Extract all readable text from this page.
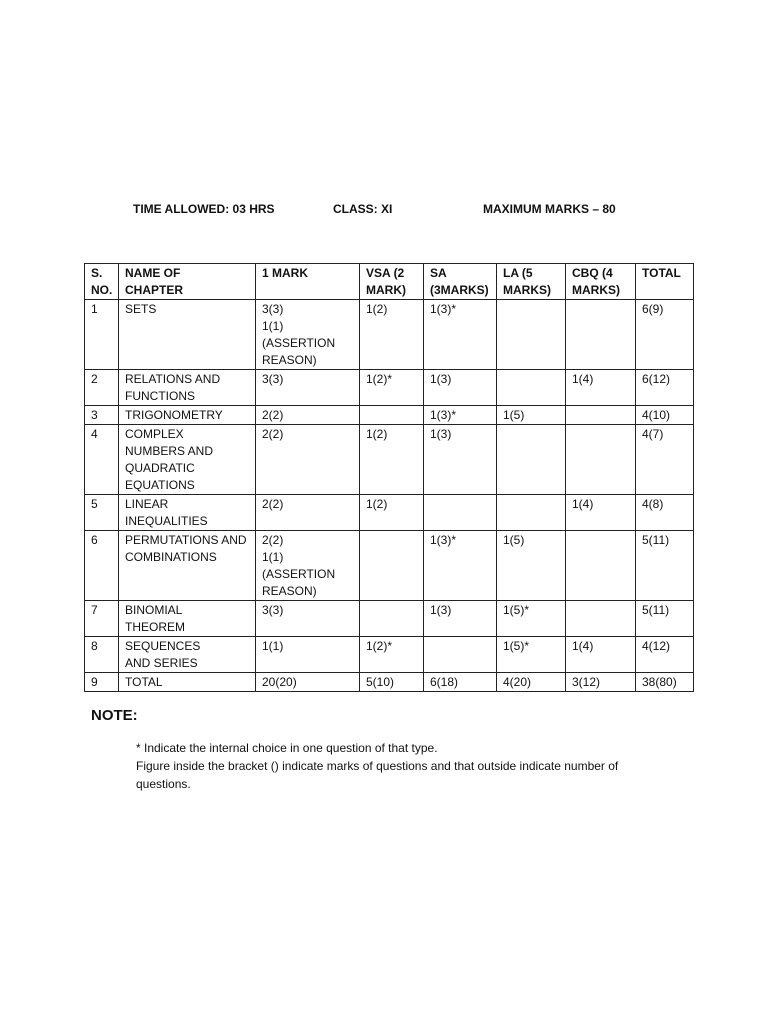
TIME ALLOWED: 03 HRS	CLASS: XI	MAXIMUM MARKS – 80
S.
NO.	NAME OF
CHAPTER	1 MARK	VSA (2
MARK)	SA
(3MARKS)	LA (5
MARKS)	CBQ (4
MARKS)	TOTAL

1	SETS	3(3)
1(1)(ASSERTION
REASON)	1(2)	1(3)*			6(9)

2	RELATIONS AND
FUNCTIONS	3(3)	1(2)*	1(3)		1(4)	6(12)

3	TRIGONOMETRY	2(2)		1(3)*	1(5)		4(10)

4	COMPLEX
NUMBERS AND
QUADRATIC
EQUATIONS	2(2)	1(2)	1(3)			4(7)

5	LINEAR
INEQUALITIES	2(2)	1(2)			1(4)	4(8)

6	PERMUTATIONS AND
COMBINATIONS	2(2)
1(1)
(ASSERTION
REASON)		1(3)*	1(5)		5(11)

7	BINOMIAL
THEOREM	3(3)		1(3)	1(5)*		5(11)

8	SEQUENCES
AND SERIES	1(1)	1(2)*		1(5)*	1(4)	4(12)

9	TOTAL	20(20)	5(10)	6(18)	4(20)	3(12)	38(80)
NOTE:

* Indicate the internal choice in one question of that type.

Figure inside the bracket () indicate marks of questions and that outside indicate number of questions.
